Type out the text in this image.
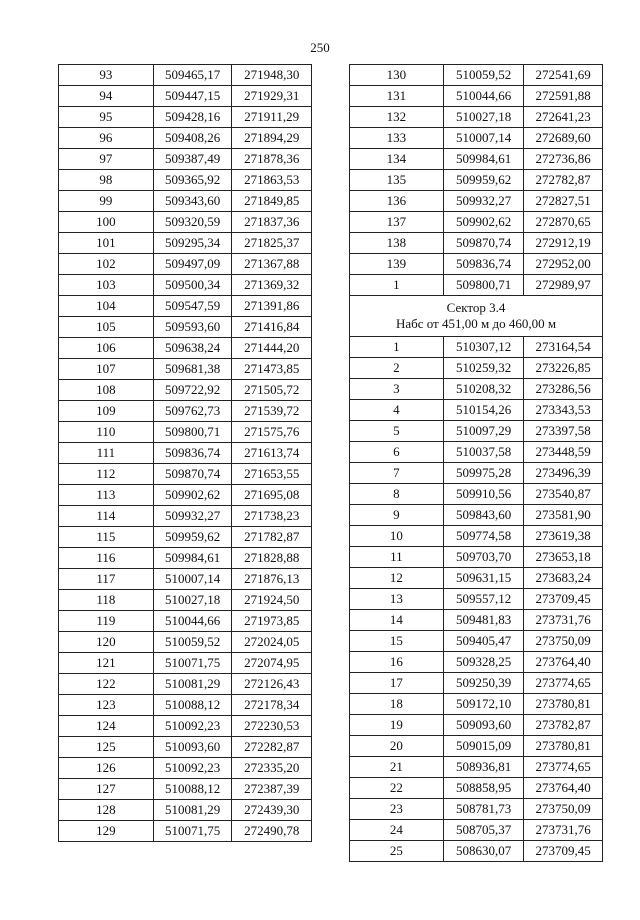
250
93	509465,17	271948,30
94	509447,15	271929,31
95	509428,16	271911,29
96	509408,26	271894,29
97	509387,49	271878,36
98	509365,92	271863,53
99	509343,60	271849,85
100	509320,59	271837,36
101	509295,34	271825,37
102	509497,09	271367,88
103	509500,34	271369,32
104	509547,59	271391,86
105	509593,60	271416,84
106	509638,24	271444,20
107	509681,38	271473,85
108	509722,92	271505,72
109	509762,73	271539,72
110	509800,71	271575,76
111	509836,74	271613,74
112	509870,74	271653,55
113	509902,62	271695,08
114	509932,27	271738,23
115	509959,62	271782,87
116	509984,61	271828,88
117	510007,14	271876,13
118	510027,18	271924,50
119	510044,66	271973,85
120	510059,52	272024,05
121	510071,75	272074,95
122	510081,29	272126,43
123	510088,12	272178,34
124	510092,23	272230,53
125	510093,60	272282,87
126	510092,23	272335,20
127	510088,12	272387,39
128	510081,29	272439,30
129	510071,75	272490,78
130	510059,52	272541,69
131	510044,66	272591,88
132	510027,18	272641,23
133	510007,14	272689,60
134	509984,61	272736,86
135	509959,62	272782,87
136	509932,27	272827,51
137	509902,62	272870,65
138	509870,74	272912,19
139	509836,74	272952,00
1	509800,71	272989,97

Сектор 3.4
Набс от 451,00 м до 460,00 м		

1	510307,12	273164,54
2	510259,32	273226,85
3	510208,32	273286,56
4	510154,26	273343,53
5	510097,29	273397,58
6	510037,58	273448,59
7	509975,28	273496,39
8	509910,56	273540,87
9	509843,60	273581,90
10	509774,58	273619,38
11	509703,70	273653,18
12	509631,15	273683,24
13	509557,12	273709,45
14	509481,83	273731,76
15	509405,47	273750,09
16	509328,25	273764,40
17	509250,39	273774,65
18	509172,10	273780,81
19	509093,60	273782,87
20	509015,09	273780,81
21	508936,81	273774,65
22	508858,95	273764,40
23	508781,73	273750,09
24	508705,37	273731,76
25	508630,07	273709,45
